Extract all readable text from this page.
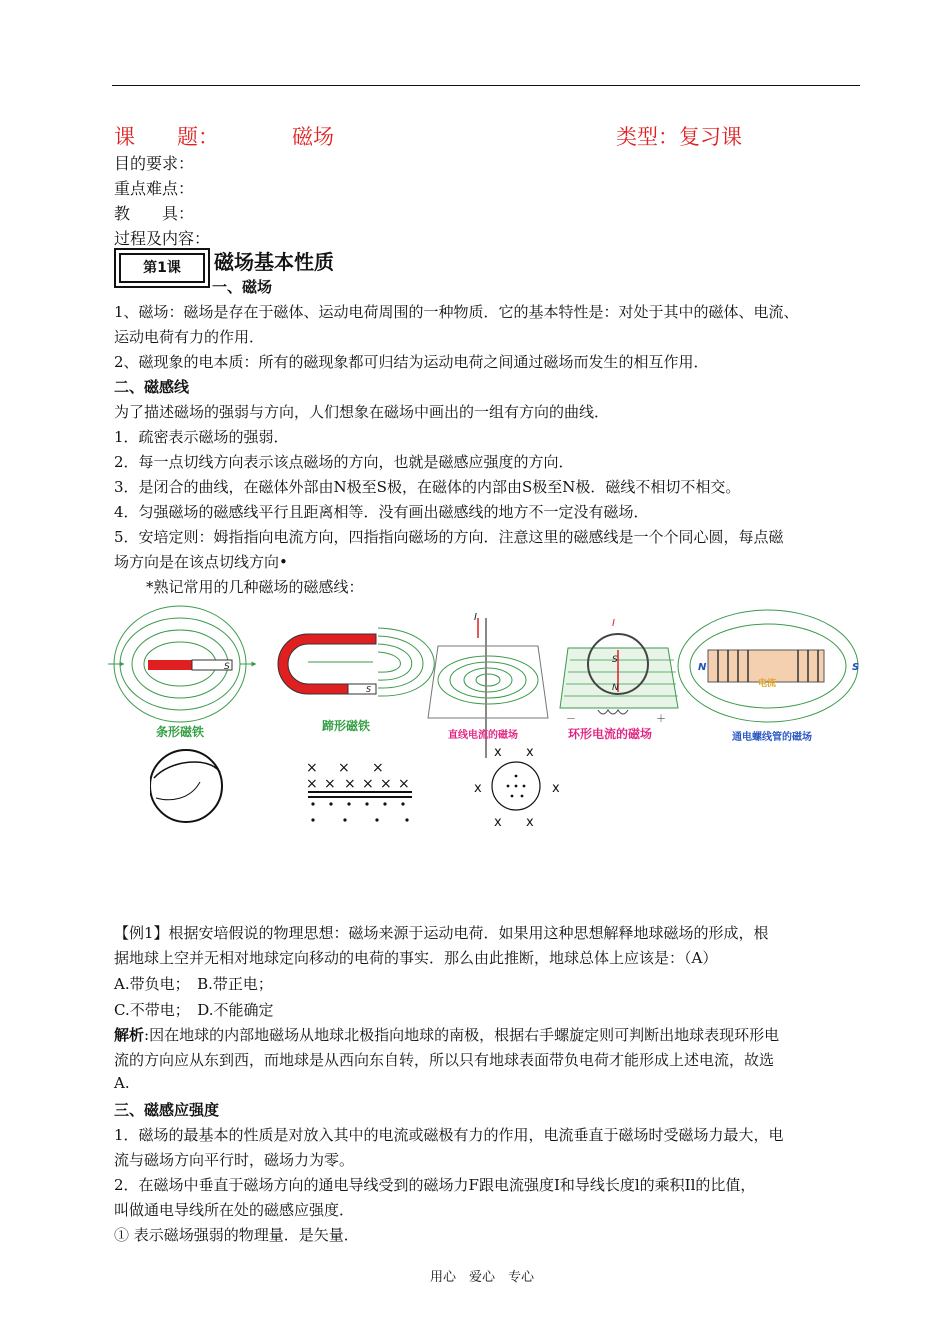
课　　题：	磁场	类型：复习课
目的要求：
重点难点：
教　　具：
过程及内容：
第1课	磁场基本性质
一、磁场
1、磁场：磁场是存在于磁体、运动电荷周围的一种物质．它的基本特性是：对处于其中的磁体、电流、
运动电荷有力的作用．
2、磁现象的电本质：所有的磁现象都可归结为运动电荷之间通过磁场而发生的相互作用．
二、磁感线
为了描述磁场的强弱与方向，人们想象在磁场中画出的一组有方向的曲线．
1．疏密表示磁场的强弱．
2．每一点切线方向表示该点磁场的方向，也就是磁感应强度的方向．
3．是闭合的曲线，在磁体外部由N极至S极，在磁体的内部由S极至N极．磁线不相切不相交。
4．匀强磁场的磁感线平行且距离相等．没有画出磁感线的地方不一定没有磁场．
5．安培定则：姆指指向电流方向，四指指向磁场的方向．注意这里的磁感线是一个个同心圆，每点磁
场方向是在该点切线方向•
*熟记常用的几种磁场的磁感线：
S
条形磁铁
S
蹄形磁铁
I
直线电流的磁场
S
N
I
－	＋
环形电流的磁场
N	S
电流
通电螺线管的磁场
× × ×
× × × × × ×
x x
x	x
x x
【例1】根据安培假说的物理思想：磁场来源于运动电荷．如果用这种思想解释地球磁场的形成，根
据地球上空并无相对地球定向移动的电荷的事实．那么由此推断，地球总体上应该是：（A）
A.带负电；　B.带正电；
C.不带电；　D.不能确定
解析:因在地球的内部地磁场从地球北极指向地球的南极，根据右手螺旋定则可判断出地球表现环形电
流的方向应从东到西，而地球是从西向东自转，所以只有地球表面带负电荷才能形成上述电流，故选
A.
三、磁感应强度
1．磁场的最基本的性质是对放入其中的电流或磁极有力的作用，电流垂直于磁场时受磁场力最大，电
流与磁场方向平行时，磁场力为零。
2．在磁场中垂直于磁场方向的通电导线受到的磁场力F跟电流强度I和导线长度l的乘积Il的比值，
叫做通电导线所在处的磁感应强度．
① 表示磁场强弱的物理量．是矢量．
用心　爱心　专心
